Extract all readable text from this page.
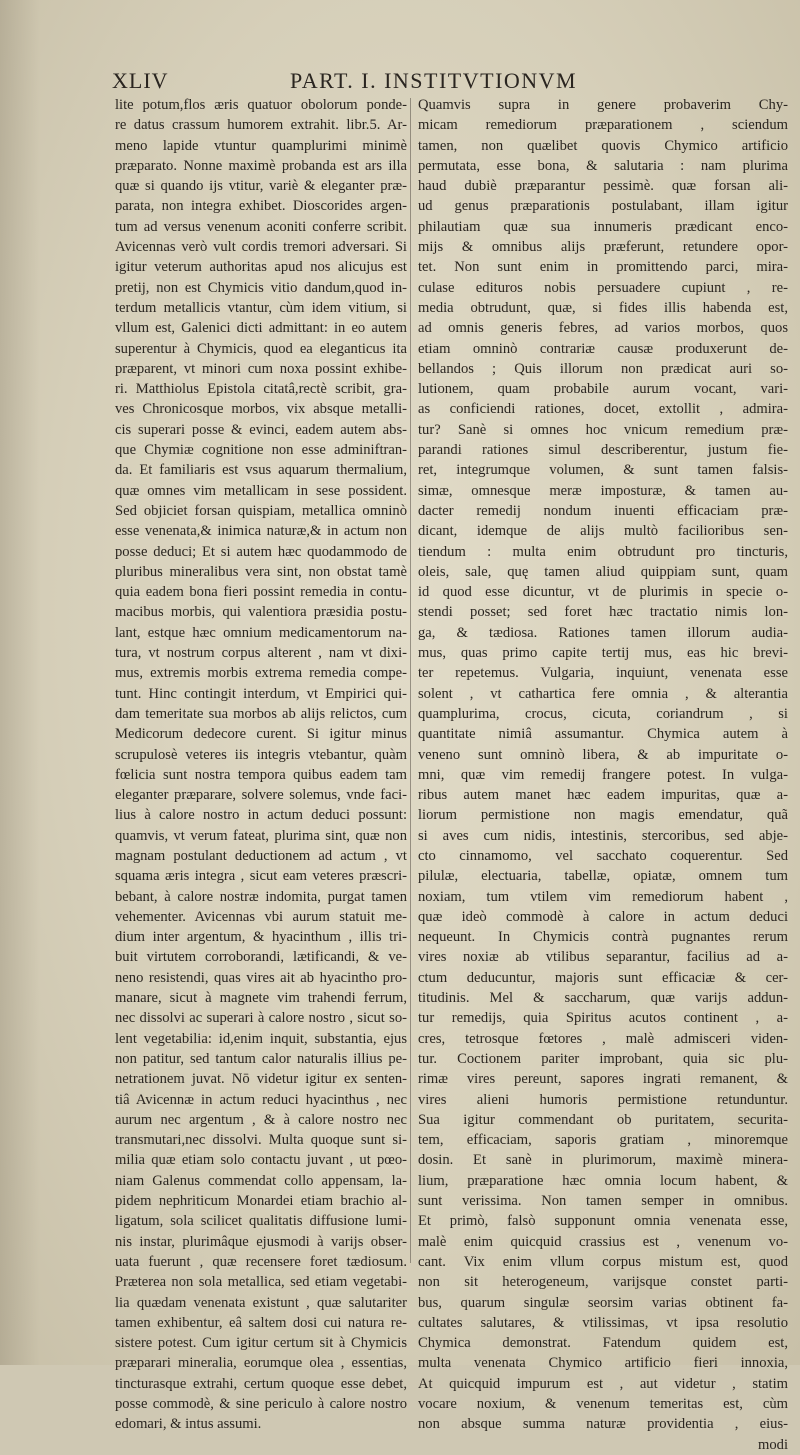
XLIV	PART. I. INSTITVTIONVM
lite potum,flos æris quatuor obolorum ponde-
re datus crassum humorem extrahit. libr.5. Ar-
meno lapide vtuntur quamplurimi minimè
præparato. Nonne maximè probanda est ars illa
quæ si quando ijs vtitur, variè & eleganter præ-
parata, non integra exhibet. Dioscorides argen-
tum ad versus venenum aconiti conferre scribit.
Avicennas verò vult cordis tremori adversari. Si
igitur veterum authoritas apud nos alicujus est
pretij, non est Chymicis vitio dandum,quod in-
terdum metallicis vtantur, cùm idem vitium, si
vllum est, Galenici dicti admittant: in eo autem
superentur à Chymicis, quod ea eleganticus ita
præparent, vt minori cum noxa possint exhibe-
ri. Matthiolus Epistola citatâ,rectè scribit, gra-
ves Chronicosque morbos, vix absque metalli-
cis superari posse & evinci, eadem autem abs-
que Chymiæ cognitione non esse adminiftran-
da. Et familiaris est vsus aquarum thermalium,
quæ omnes vim metallicam in sese possident.
Sed objiciet forsan quispiam, metallica omninò
esse venenata,& inimica naturæ,& in actum non
posse deduci; Et si autem hæc quodammodo de
pluribus mineralibus vera sint, non obstat tamè
quia eadem bona fieri possint remedia in contu-
macibus morbis, qui valentiora præsidia postu-
lant, estque hæc omnium medicamentorum na-
tura, vt nostrum corpus alterent , nam vt dixi-
mus, extremis morbis extrema remedia compe-
tunt. Hinc contingit interdum, vt Empirici qui-
dam temeritate sua morbos ab alijs relictos, cum
Medicorum dedecore curent. Si igitur minus
scrupulosè veteres iis integris vtebantur, quàm
fœlicia sunt nostra tempora quibus eadem tam
eleganter præparare, solvere solemus, vnde faci-
lius à calore nostro in actum deduci possunt:
quamvis, vt verum fateat, plurima sint, quæ non
magnam postulant deductionem ad actum , vt
squama æris integra , sicut eam veteres præscri-
bebant, à calore nostræ indomita, purgat tamen
vehementer. Avicennas vbi aurum statuit me-
dium inter argentum, & hyacinthum , illis tri-
buit virtutem corroborandi, lætificandi, & ve-
neno resistendi, quas vires ait ab hyacintho pro-
manare, sicut à magnete vim trahendi ferrum,
nec dissolvi ac superari à calore nostro , sicut so-
lent vegetabilia: id,enim inquit, substantia, ejus
non patitur, sed tantum calor naturalis illius pe-
netrationem juvat. Nō videtur igitur ex senten-
tiâ Avicennæ in actum reduci hyacinthus , nec
aurum nec argentum , & à calore nostro nec
transmutari,nec dissolvi. Multa quoque sunt si-
milia quæ etiam solo contactu juvant , ut pœo-
niam Galenus commendat collo appensam, la-
pidem nephriticum Monardei etiam brachio al-
ligatum, sola scilicet qualitatis diffusione lumi-
nis instar, plurimâque ejusmodi à varijs obser-
uata fuerunt , quæ recensere foret tædiosum.
Præterea non sola metallica, sed etiam vegetabi-
lia quædam venenata existunt , quæ salutariter
tamen exhibentur, eâ saltem dosi cui natura re-
sistere potest. Cum igitur certum sit à Chymicis
præparari mineralia, eorumque olea , essentias,
tincturasque extrahi, certum quoque esse debet,
posse commodè, & sine periculo à calore nostro
edomari, & intus assumi.
Quamvis supra in genere probaverim Chy-
micam remediorum præparationem , sciendum
tamen, non quælibet quovis Chymico artificio
permutata, esse bona, & salutaria : nam plurima
haud dubiè præparantur pessimè. quæ forsan ali-
ud genus præparationis postulabant, illam igitur
philautiam quæ sua innumeris prædicant enco-
mijs & omnibus alijs præferunt, retundere opor-
tet. Non sunt enim in promittendo parci, mira-
culase edituros nobis persuadere cupiunt , re-
media obtrudunt, quæ, si fides illis habenda est,
ad omnis generis febres, ad varios morbos, quos
etiam omninò contrariæ causæ produxerunt de-
bellandos ; Quis illorum non prædicat auri so-
lutionem, quam probabile aurum vocant, vari-
as conficiendi rationes, docet, extollit , admira-
tur? Sanè si omnes hoc vnicum remedium præ-
parandi rationes simul describerentur, justum fie-
ret, integrumque volumen, & sunt tamen falsis-
simæ, omnesque meræ imposturæ, & tamen au-
dacter remedij nondum inuenti efficaciam præ-
dicant, idemque de alijs multò facilioribus sen-
tiendum : multa enim obtrudunt pro tincturis,
oleis, sale, quę tamen aliud quippiam sunt, quam
id quod esse dicuntur, vt de plurimis in specie o-
stendi posset; sed foret hæc tractatio nimis lon-
ga, & tædiosa. Rationes tamen illorum audia-
mus, quas primo capite tertij mus, eas hic brevi-
ter repetemus. Vulgaria, inquiunt, venenata esse
solent , vt cathartica fere omnia , & alterantia
quamplurima, crocus, cicuta, coriandrum , si
quantitate nimiâ assumantur. Chymica autem à
veneno sunt omninò libera, & ab impuritate o-
mni, quæ vim remedij frangere potest. In vulga-
ribus autem manet hæc eadem impuritas, quæ a-
liorum permistione non magis emendatur, quã
si aves cum nidis, intestinis, stercoribus, sed abje-
cto cinnamomo, vel sacchato coquerentur. Sed
pilulæ, electuaria, tabellæ, opiatæ, omnem tum
noxiam, tum vtilem vim remediorum habent ,
quæ ideò commodè à calore in actum deduci
nequeunt. In Chymicis contrà pugnantes rerum
vires noxiæ ab vtilibus separantur, facilius ad a-
ctum deducuntur, majoris sunt efficaciæ & cer-
titudinis. Mel & saccharum, quæ varijs addun-
tur remedijs, quia Spiritus acutos continent , a-
cres, tetrosque fœtores , malè admisceri viden-
tur. Coctionem pariter improbant, quia sic plu-
rimæ vires pereunt, sapores ingrati remanent, &
vires alieni humoris permistione retunduntur.
Sua igitur commendant ob puritatem, securita-
tem, efficaciam, saporis gratiam , minoremque
dosin. Et sanè in plurimorum, maximè minera-
lium, præparatione hæc omnia locum habent, &
sunt verissima. Non tamen semper in omnibus.
Et primò, falsò supponunt omnia venenata esse,
malè enim quicquid crassius est , venenum vo-
cant. Vix enim vllum corpus mistum est, quod
non sit heterogeneum, varijsque constet parti-
bus, quarum singulæ seorsim varias obtinent fa-
cultates salutares, & vtilissimas, vt ipsa resolutio
Chymica demonstrat. Fatendum quidem est,
multa venenata Chymico artificio fieri innoxia,
At quicquid impurum est , aut videtur , statim
vocare noxium, & venenum temeritas est, cùm
non absque summa naturæ providentia , eius-
modi
